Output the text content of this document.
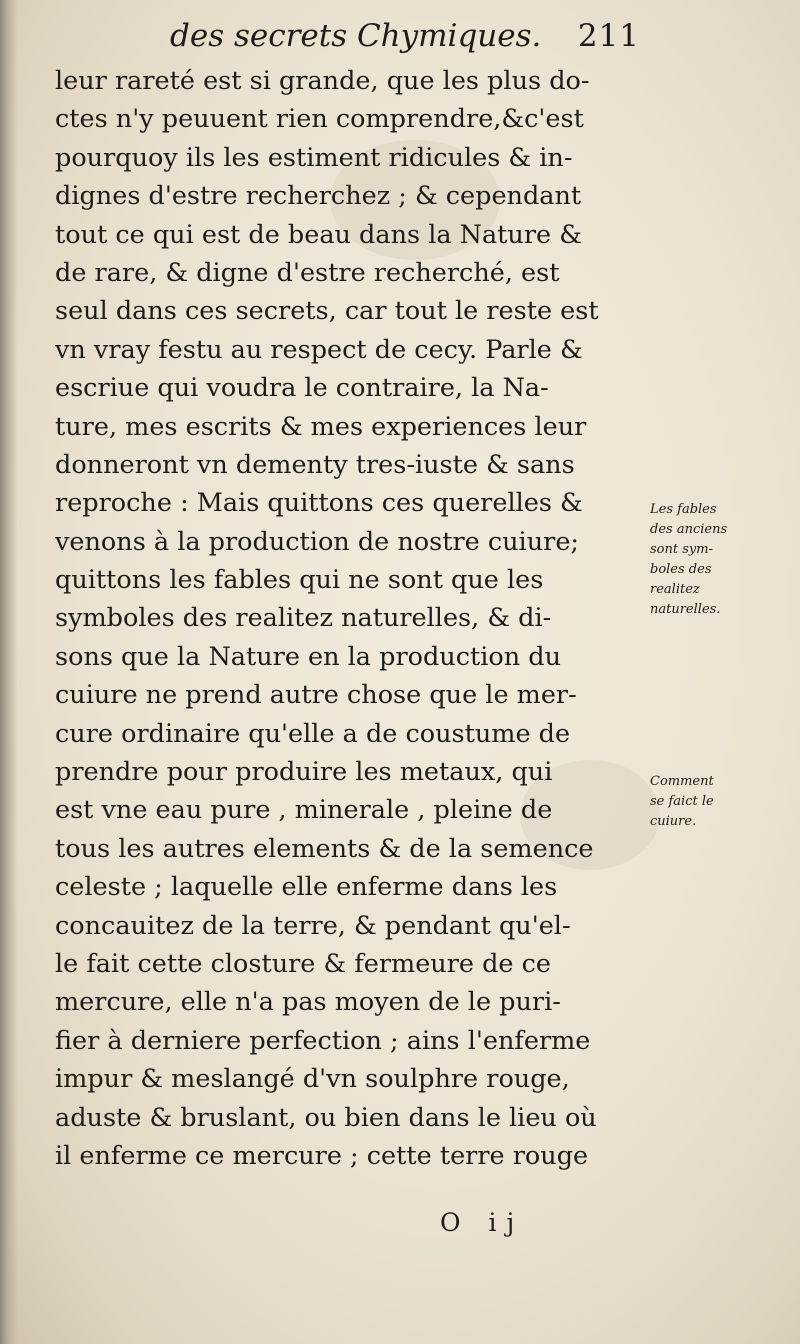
des secrets Chymiques. 211
leur rareté est si grande, que les plus do-
ctes n'y peuuent rien comprendre,&c'est
pourquoy ils les estiment ridicules & in-
dignes d'estre recherchez ; & cependant
tout ce qui est de beau dans la Nature &
de rare, & digne d'estre recherché, est
seul dans ces secrets, car tout le reste est
vn vray festu au respect de cecy. Parle &
escriue qui voudra le contraire, la Na-
ture, mes escrits & mes experiences leur
donneront vn dementy tres-iuste & sans
reproche : Mais quittons ces querelles &
venons à la production de nostre cuiure;
quittons les fables qui ne sont que les
symboles des realitez naturelles, & di-
sons que la Nature en la production du
cuiure ne prend autre chose que le mer-
cure ordinaire qu'elle a de coustume de
prendre pour produire les metaux, qui
est vne eau pure , minerale , pleine de
tous les autres elements & de la semence
celeste ; laquelle elle enferme dans les
concauitez de la terre, & pendant qu'el-
le fait cette closture & fermeure de ce
mercure, elle n'a pas moyen de le puri-
fier à derniere perfection ; ains l'enferme
impur & meslangé d'vn soulphre rouge,
aduste & bruslant, ou bien dans le lieu où
il enferme ce mercure ; cette terre rouge
Les fables
des anciens
sont sym-
boles des
realitez
naturelles.
Comment
se faict le
cuiure.
O ij
